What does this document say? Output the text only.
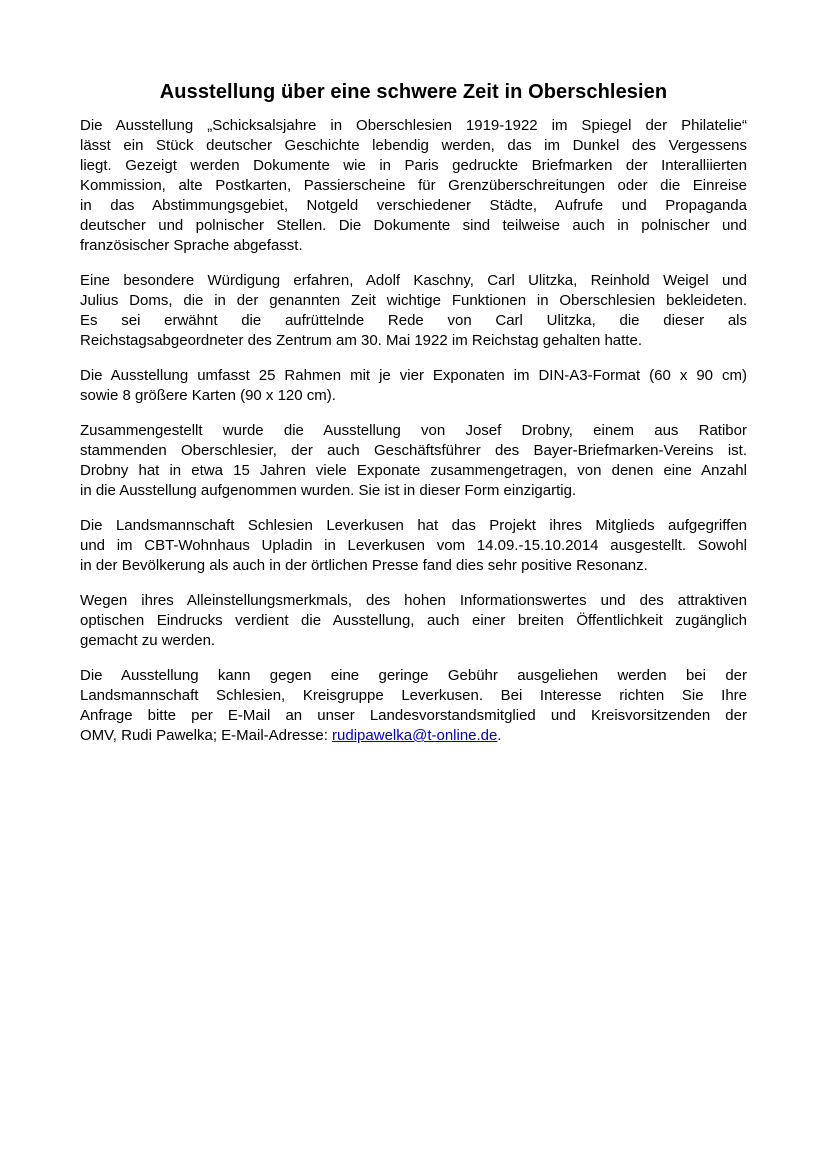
Ausstellung über eine schwere Zeit in Oberschlesien
Die Ausstellung „Schicksalsjahre in Oberschlesien 1919-1922 im Spiegel der Philatelie“
lässt ein Stück deutscher Geschichte lebendig werden, das im Dunkel des Vergessens
liegt. Gezeigt werden Dokumente wie in Paris gedruckte Briefmarken der Interalliierten
Kommission, alte Postkarten, Passierscheine für Grenzüberschreitungen oder die Einreise
in das Abstimmungsgebiet, Notgeld verschiedener Städte, Aufrufe und Propaganda
deutscher und polnischer Stellen. Die Dokumente sind teilweise auch in polnischer und
französischer Sprache abgefasst.
Eine besondere Würdigung erfahren, Adolf Kaschny, Carl Ulitzka, Reinhold Weigel und
Julius Doms, die in der genannten Zeit wichtige Funktionen in Oberschlesien bekleideten.
Es sei erwähnt die aufrüttelnde Rede von Carl Ulitzka, die dieser als
Reichstagsabgeordneter des Zentrum am 30. Mai 1922 im Reichstag gehalten hatte.
Die Ausstellung umfasst 25 Rahmen mit je vier Exponaten im DIN-A3-Format (60 x 90 cm)
sowie 8 größere Karten (90 x 120 cm).
Zusammengestellt wurde die Ausstellung von Josef Drobny, einem aus Ratibor
stammenden Oberschlesier, der auch Geschäftsführer des Bayer-Briefmarken-Vereins ist.
Drobny hat in etwa 15 Jahren viele Exponate zusammengetragen, von denen eine Anzahl
in die Ausstellung aufgenommen wurden. Sie ist in dieser Form einzigartig.
Die Landsmannschaft Schlesien Leverkusen hat das Projekt ihres Mitglieds aufgegriffen
und im CBT-Wohnhaus Upladin in Leverkusen vom 14.09.-15.10.2014 ausgestellt. Sowohl
in der Bevölkerung als auch in der örtlichen Presse fand dies sehr positive Resonanz.
Wegen ihres Alleinstellungsmerkmals, des hohen Informationswertes und des attraktiven
optischen Eindrucks verdient die Ausstellung, auch einer breiten Öffentlichkeit zugänglich
gemacht zu werden.
Die Ausstellung kann gegen eine geringe Gebühr ausgeliehen werden bei der
Landsmannschaft Schlesien, Kreisgruppe Leverkusen. Bei Interesse richten Sie Ihre
Anfrage bitte per E-Mail an unser Landesvorstandsmitglied und Kreisvorsitzenden der
OMV, Rudi Pawelka; E-Mail-Adresse: rudipawelka@t-online.de.
